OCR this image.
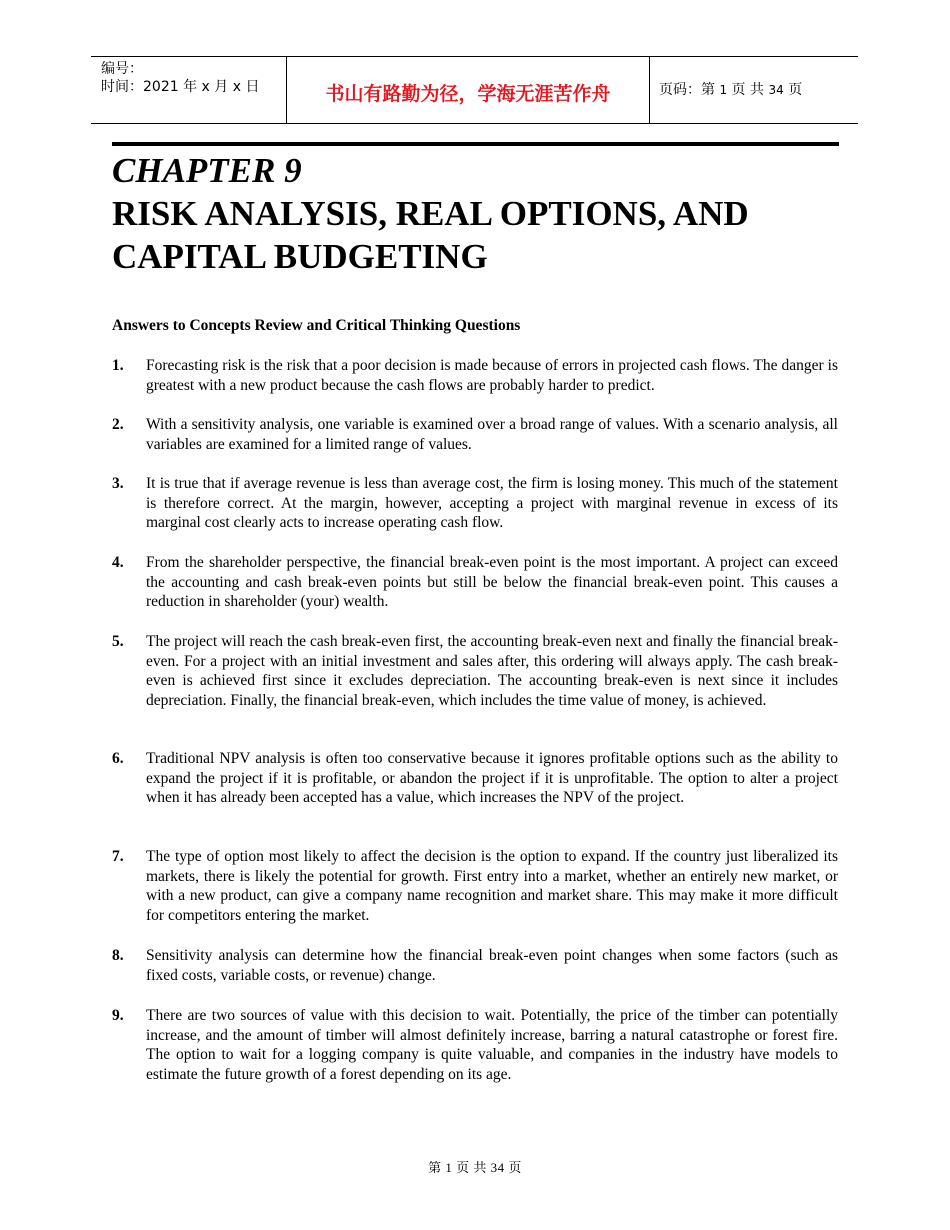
编号：
时间：2021 年 x 月 x 日	书山有路勤为径，学海无涯苦作舟	页码：第 1 页 共 34 页
CHAPTER 9
RISK ANALYSIS, REAL OPTIONS, AND
CAPITAL BUDGETING
Answers to Concepts Review and Critical Thinking Questions
1. Forecasting risk is the risk that a poor decision is made because of errors in projected cash flows. The danger is greatest with a new product because the cash flows are probably harder to predict.
2. With a sensitivity analysis, one variable is examined over a broad range of values. With a scenario analysis, all variables are examined for a limited range of values.
3. It is true that if average revenue is less than average cost, the firm is losing money. This much of the statement is therefore correct. At the margin, however, accepting a project with marginal revenue in excess of its marginal cost clearly acts to increase operating cash flow.
4. From the shareholder perspective, the financial break-even point is the most important. A project can exceed the accounting and cash break-even points but still be below the financial break-even point. This causes a reduction in shareholder (your) wealth.
5. The project will reach the cash break-even first, the accounting break-even next and finally the financial break-even. For a project with an initial investment and sales after, this ordering will always apply. The cash break-even is achieved first since it excludes depreciation. The accounting break-even is next since it includes depreciation. Finally, the financial break-even, which includes the time value of money, is achieved.
6. Traditional NPV analysis is often too conservative because it ignores profitable options such as the ability to expand the project if it is profitable, or abandon the project if it is unprofitable. The option to alter a project when it has already been accepted has a value, which increases the NPV of the project.
7. The type of option most likely to affect the decision is the option to expand. If the country just liberalized its markets, there is likely the potential for growth. First entry into a market, whether an entirely new market, or with a new product, can give a company name recognition and market share. This may make it more difficult for competitors entering the market.
8. Sensitivity analysis can determine how the financial break-even point changes when some factors (such as fixed costs, variable costs, or revenue) change.
9. There are two sources of value with this decision to wait. Potentially, the price of the timber can potentially increase, and the amount of timber will almost definitely increase, barring a natural catastrophe or forest fire. The option to wait for a logging company is quite valuable, and companies in the industry have models to estimate the future growth of a forest depending on its age.
第 1 页 共 34 页
